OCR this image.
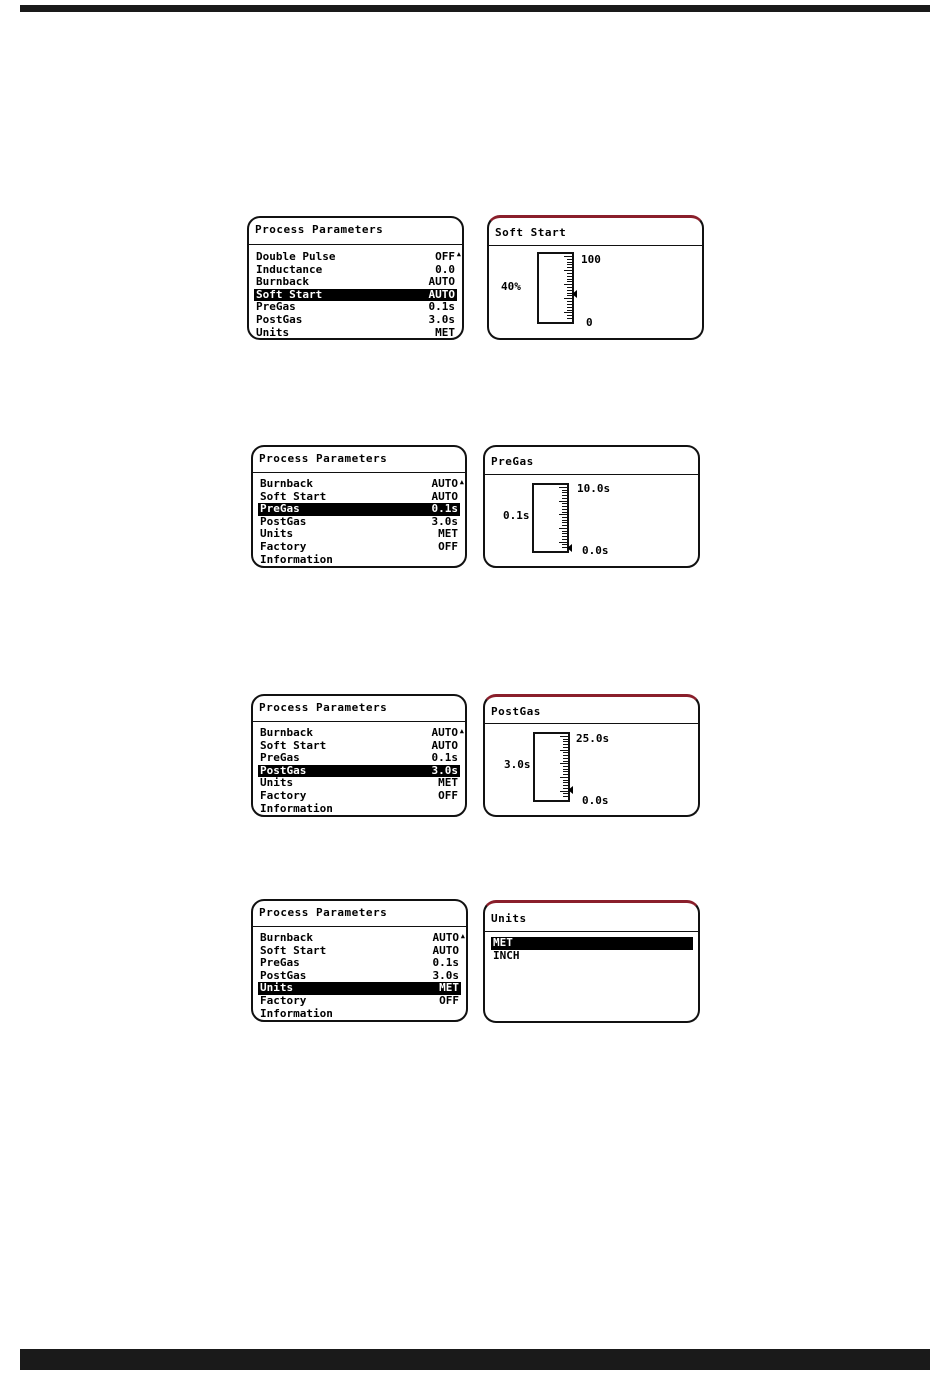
Process Parameters
▲
Double Pulse	OFF
Inductance	0.0
Burnback	AUTO
Soft Start	AUTO
PreGas	0.1s
PostGas	3.0s
Units	MET
Soft Start
40%
100
0
Process Parameters
▲
Burnback	AUTO
Soft Start	AUTO
PreGas	0.1s
PostGas	3.0s
Units	MET
Factory	OFF
Information
PreGas
0.1s
10.0s
0.0s
Process Parameters
▲
Burnback	AUTO
Soft Start	AUTO
PreGas	0.1s
PostGas	3.0s
Units	MET
Factory	OFF
Information
PostGas
3.0s
25.0s
0.0s
Process Parameters
▲
Burnback	AUTO
Soft Start	AUTO
PreGas	0.1s
PostGas	3.0s
Units	MET
Factory	OFF
Information
Units
MET
INCH
